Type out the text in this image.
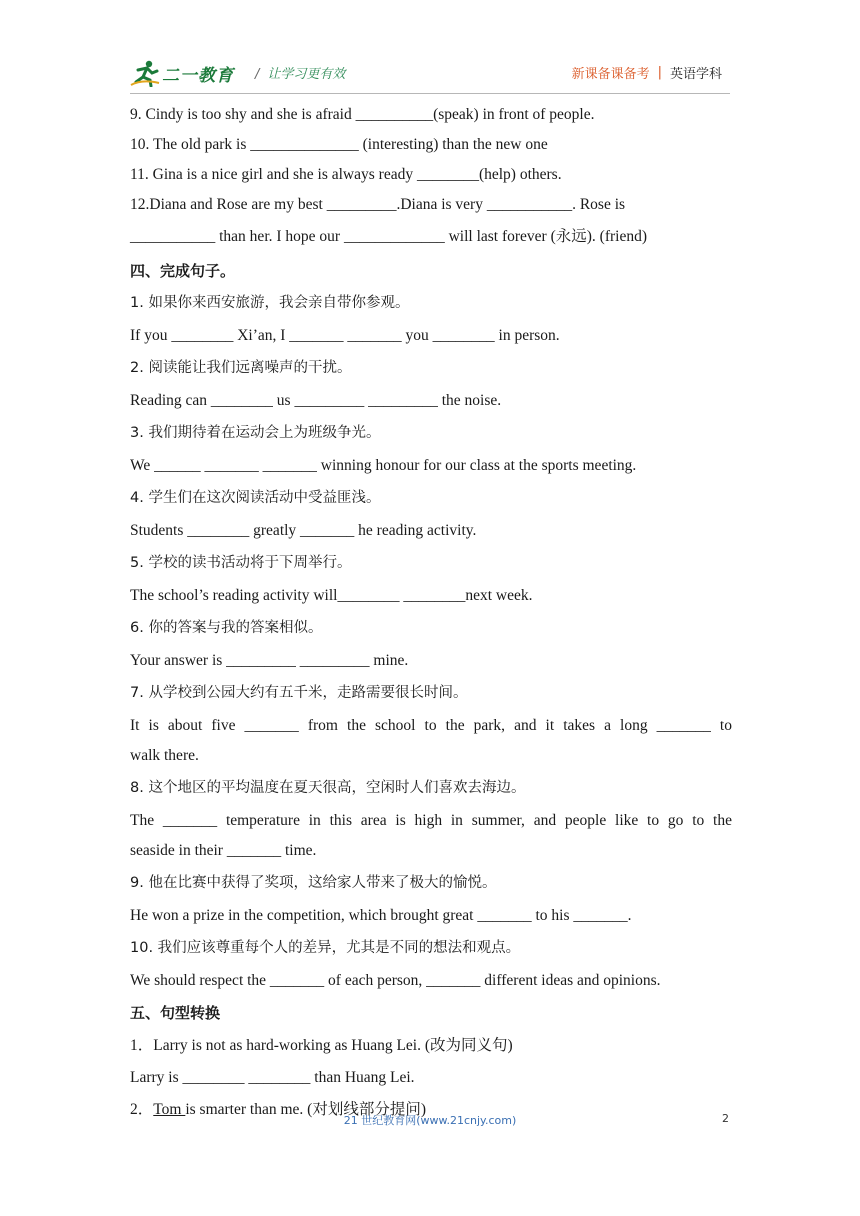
二一教育 / 让学习更有效	新课备课备考 | 英语学科
9. Cindy is too shy and she is afraid __________(speak) in front of people.
10. The old park is ______________ (interesting) than the new one
11. Gina is a nice girl and she is always ready ________(help) others.
12.Diana and Rose are my best _________.Diana is very ___________. Rose is
___________ than her. I hope our _____________ will last forever (永远). (friend)
四、完成句子。
1. 如果你来西安旅游，我会亲自带你参观。
If you ________ Xi’an, I _______ _______ you ________ in person.
2. 阅读能让我们远离噪声的干扰。
Reading can ________ us _________ _________ the noise.
3. 我们期待着在运动会上为班级争光。
We ______ _______ _______ winning honour for our class at the sports meeting.
4. 学生们在这次阅读活动中受益匪浅。
Students ________ greatly _______ he reading activity.
5. 学校的读书活动将于下周举行。
The school’s reading activity will________ ________next week.
6. 你的答案与我的答案相似。
Your answer is _________ _________ mine.
7. 从学校到公园大约有五千米，走路需要很长时间。
It is about five _______ from the school to the park, and it takes a long _______ to
walk there.
8. 这个地区的平均温度在夏天很高，空闲时人们喜欢去海边。
The _______ temperature in this area is high in summer, and people like to go to the
seaside in their _______ time.
9. 他在比赛中获得了奖项，这给家人带来了极大的愉悦。
He won a prize in the competition, which brought great _______ to his _______.
10. 我们应该尊重每个人的差异，尤其是不同的想法和观点。
We should respect the _______ of each person, _______ different ideas and opinions.
五、句型转换
1．Larry is not as hard-working as Huang Lei. (改为同义句)
Larry is ________ ________ than Huang Lei.
2．Tom is smarter than me. (对划线部分提问)
21 世纪教育网(www.21cnjy.com)	2
